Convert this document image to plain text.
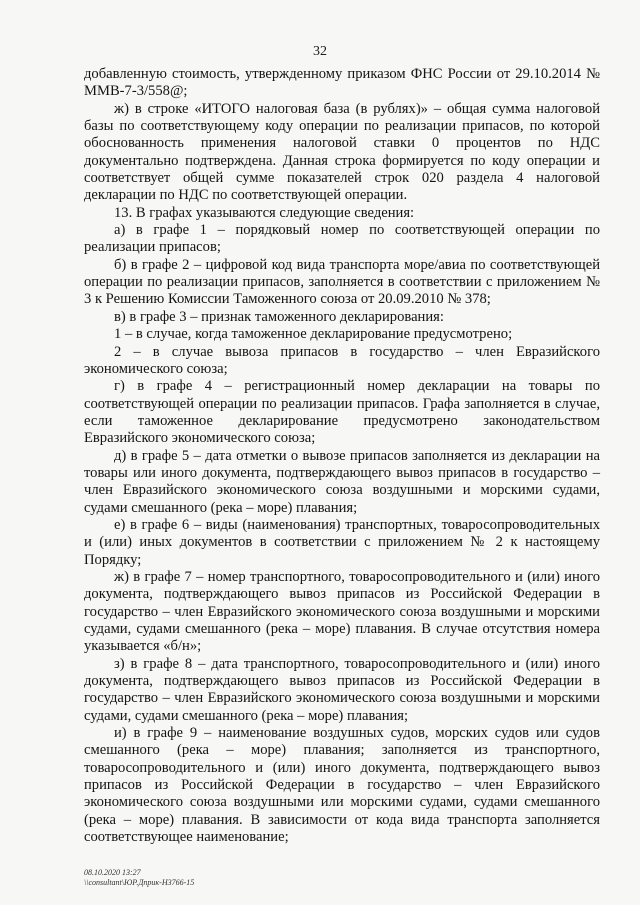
32

добавленную стоимость, утвержденному приказом ФНС России от 29.10.2014 № ММВ-7-3/558@;

ж) в строке «ИТОГО налоговая база (в рублях)» – общая сумма налоговой базы по соответствующему коду операции по реализации припасов, по которой обоснованность применения налоговой ставки 0 процентов по НДС документально подтверждена. Данная строка формируется по коду операции и соответствует общей сумме показателей строк 020 раздела 4 налоговой декларации по НДС по соответствующей операции.

13. В графах указываются следующие сведения:

а) в графе 1 – порядковый номер по соответствующей операции по реализации припасов;

б) в графе 2 – цифровой код вида транспорта море/авиа по соответствующей операции по реализации припасов, заполняется в соответствии с приложением № 3 к Решению Комиссии Таможенного союза от 20.09.2010 № 378;

в) в графе 3 – признак таможенного декларирования:

1 – в случае, когда таможенное декларирование предусмотрено;

2 – в случае вывоза припасов в государство – член Евразийского экономического союза;

г) в графе 4 – регистрационный номер декларации на товары по соответствующей операции по реализации припасов. Графа заполняется в случае, если таможенное декларирование предусмотрено законодательством Евразийского экономического союза;

д) в графе 5 – дата отметки о вывозе припасов заполняется из декларации на товары или иного документа, подтверждающего вывоз припасов в государство – член Евразийского экономического союза воздушными и морскими судами, судами смешанного (река – море) плавания;

е) в графе 6 – виды (наименования) транспортных, товаросопроводительных и (или) иных документов в соответствии с приложением № 2 к настоящему Порядку;

ж) в графе 7 – номер транспортного, товаросопроводительного и (или) иного документа, подтверждающего вывоз припасов из Российской Федерации в государство – член Евразийского экономического союза воздушными и морскими судами, судами смешанного (река – море) плавания. В случае отсутствия номера указывается «б/н»;

з) в графе 8 – дата транспортного, товаросопроводительного и (или) иного документа, подтверждающего вывоз припасов из Российской Федерации в государство – член Евразийского экономического союза воздушными и морскими судами, судами смешанного (река – море) плавания;

и) в графе 9 – наименование воздушных судов, морских судов или судов смешанного (река – море) плавания; заполняется из транспортного, товаросопроводительного и (или) иного документа, подтверждающего вывоз припасов из Российской Федерации в государство – член Евразийского экономического союза воздушными или морскими судами, судами смешанного (река – море) плавания. В зависимости от кода вида транспорта заполняется соответствующее наименование;

08.10.2020 13:27
\\consultant\ЮР.Дприк-Н3766-15
